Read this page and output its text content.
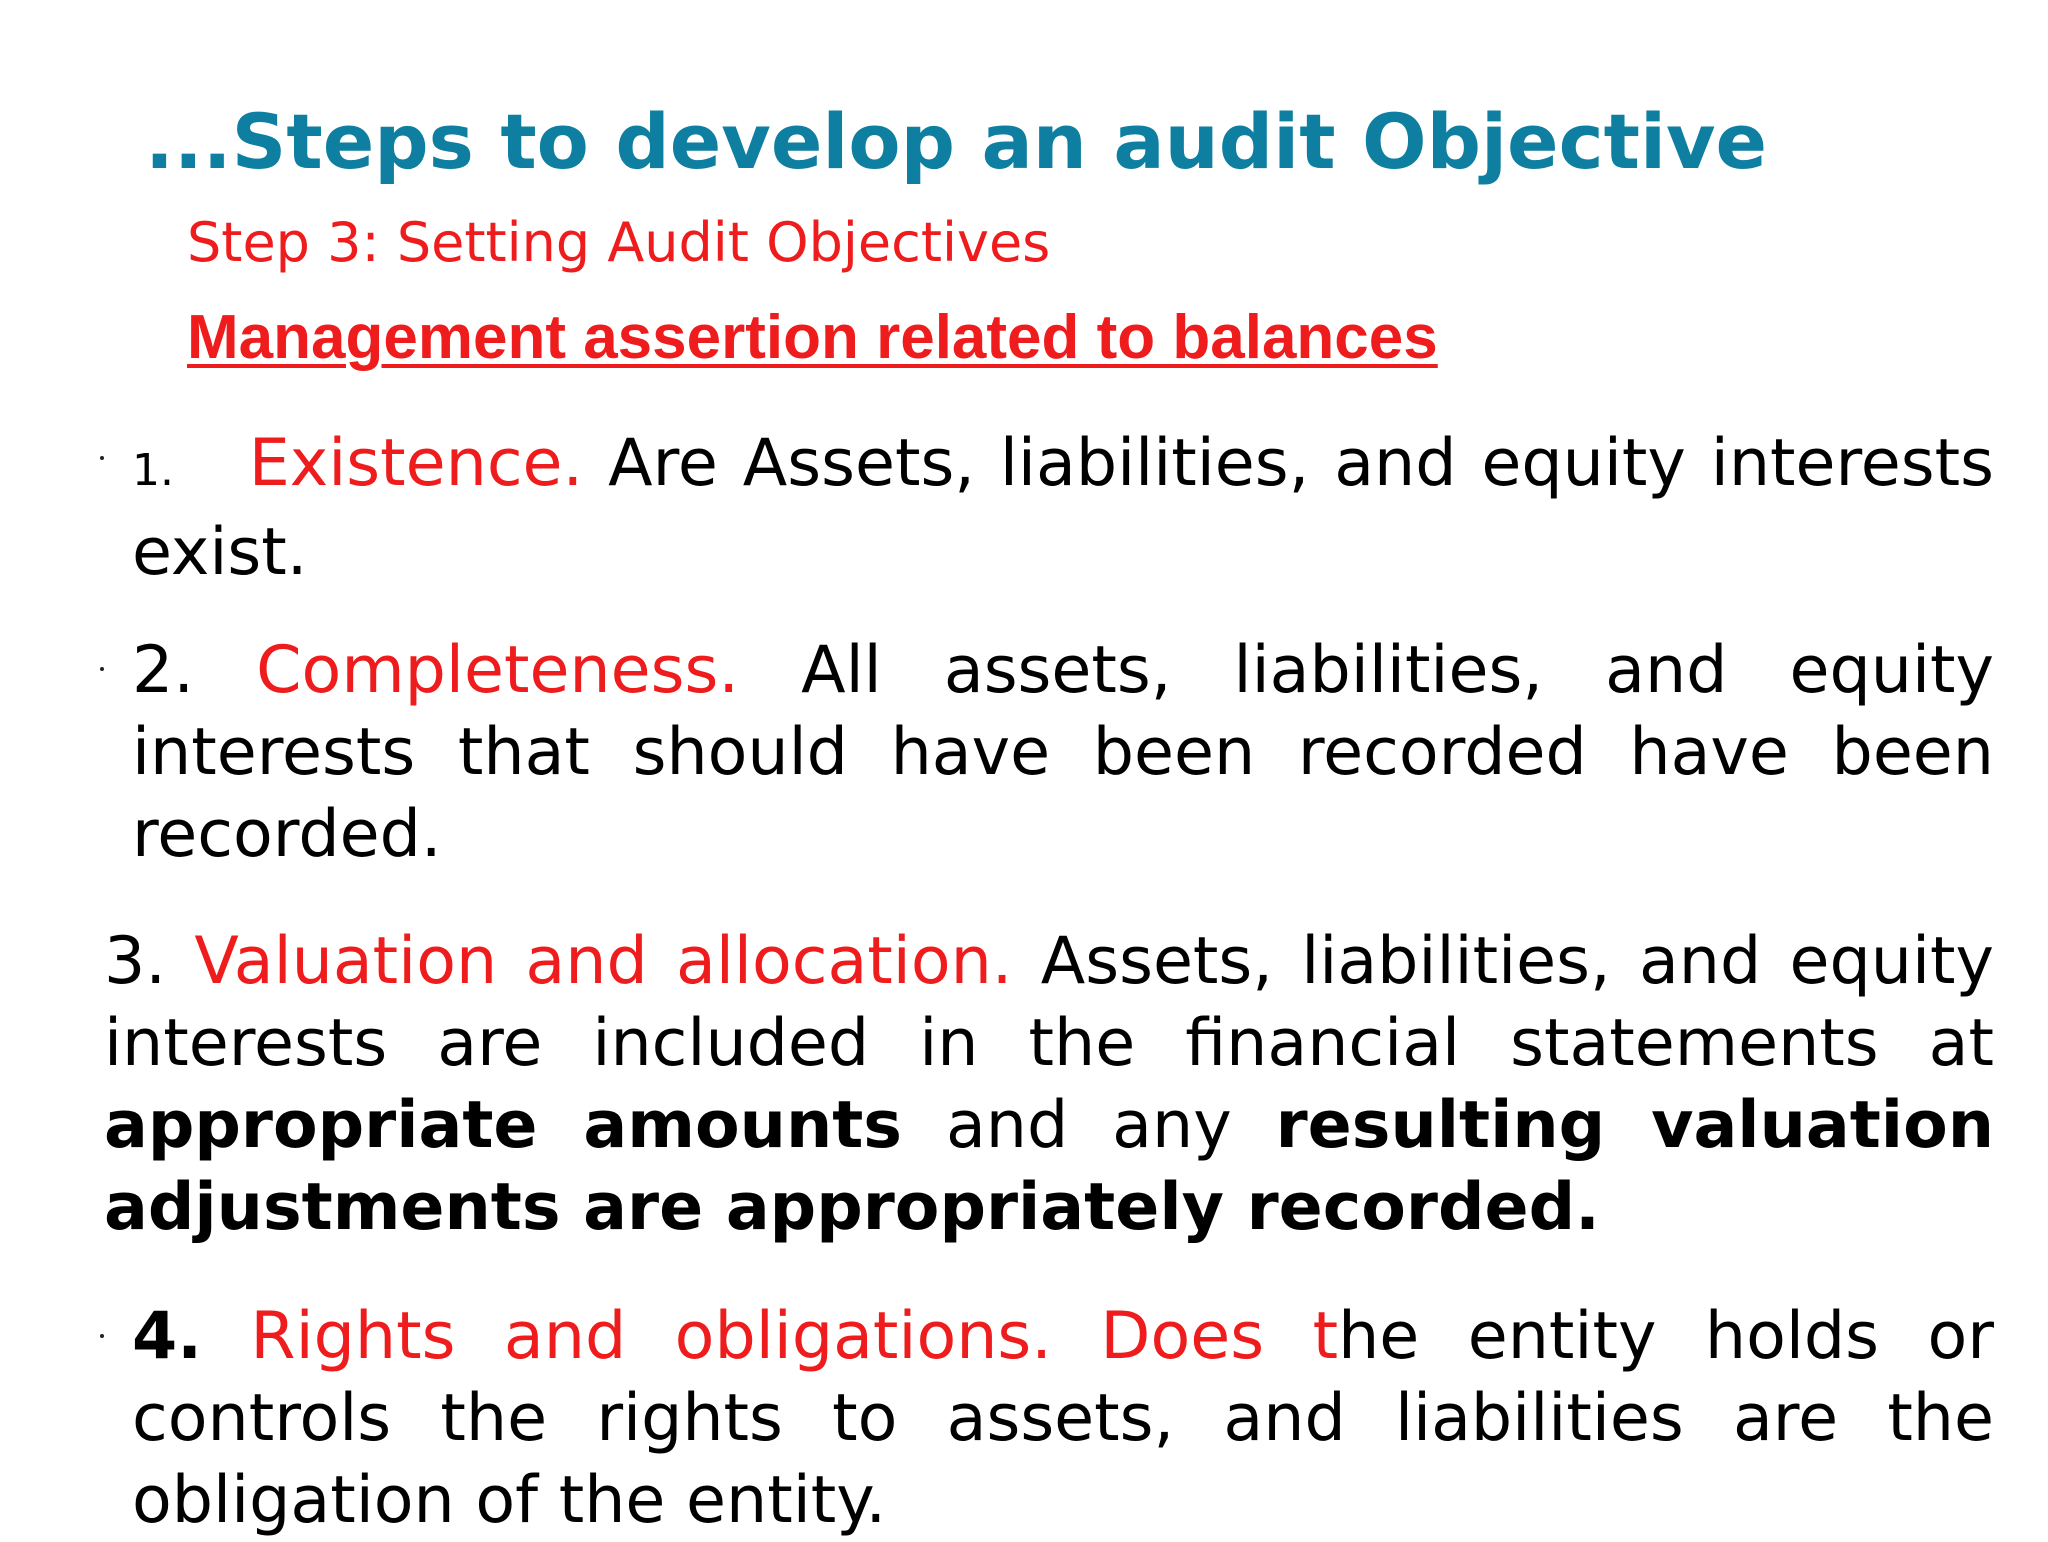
...Steps to develop an audit Objective

Step 3: Setting Audit Objectives

Management assertion related to balances

1. Existence. Are Assets, liabilities, and equity interests exist.

2. Completeness. All assets, liabilities, and equity interests that should have been recorded have been recorded.

3. Valuation and allocation. Assets, liabilities, and equity interests are included in the financial statements at appropriate amounts and any resulting valuation adjustments are appropriately recorded.

4. Rights and obligations. Does the entity holds or controls the rights to assets, and liabilities are the obligation of the entity.
